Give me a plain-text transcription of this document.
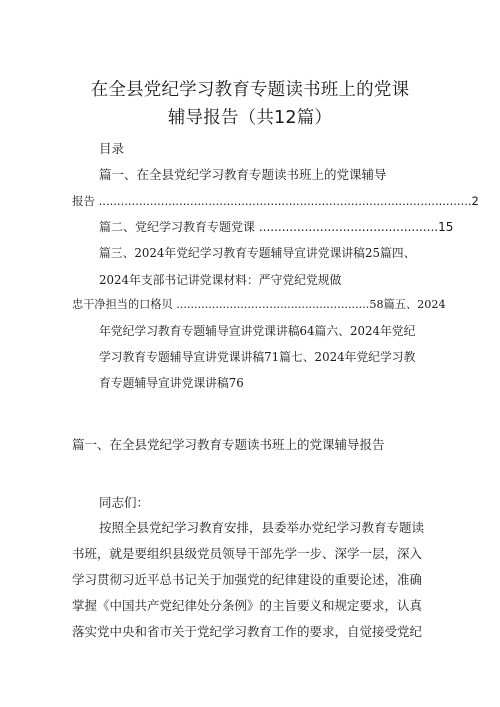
在全县党纪学习教育专题读书班上的党课
辅导报告（共12篇）
目录
篇一、在全县党纪学习教育专题读书班上的党课辅导
报告 ......................................................................................................2
篇二、党纪学习教育专题党课 ...............................................15
篇三、2024年党纪学习教育专题辅导宣讲党课讲稿25篇四、
2024年支部书记讲党课材料：严守党纪党规做
忠干净担当的口格贝 ......................‥.‥.................‥........58篇五、2024
年党纪学习教育专题辅导宣讲党课讲稿64篇六、2024年党纪
学习教育专题辅导宣讲党课讲稿71篇七、2024年党纪学习教
育专题辅导宣讲党课讲稿76
篇一、在全县党纪学习教育专题读书班上的党课辅导报告
同志们：
按照全县党纪学习教育安排，县委举办党纪学习教育专题读
书班，就是要组织县级党员领导干部先学一步、深学一层，深入
学习贯彻习近平总书记关于加强党的纪律建设的重要论述，准确
掌握《中国共产党纪律处分条例》的主旨要义和规定要求，认真
落实党中央和省市关于党纪学习教育工作的要求，自觉接受党纪
